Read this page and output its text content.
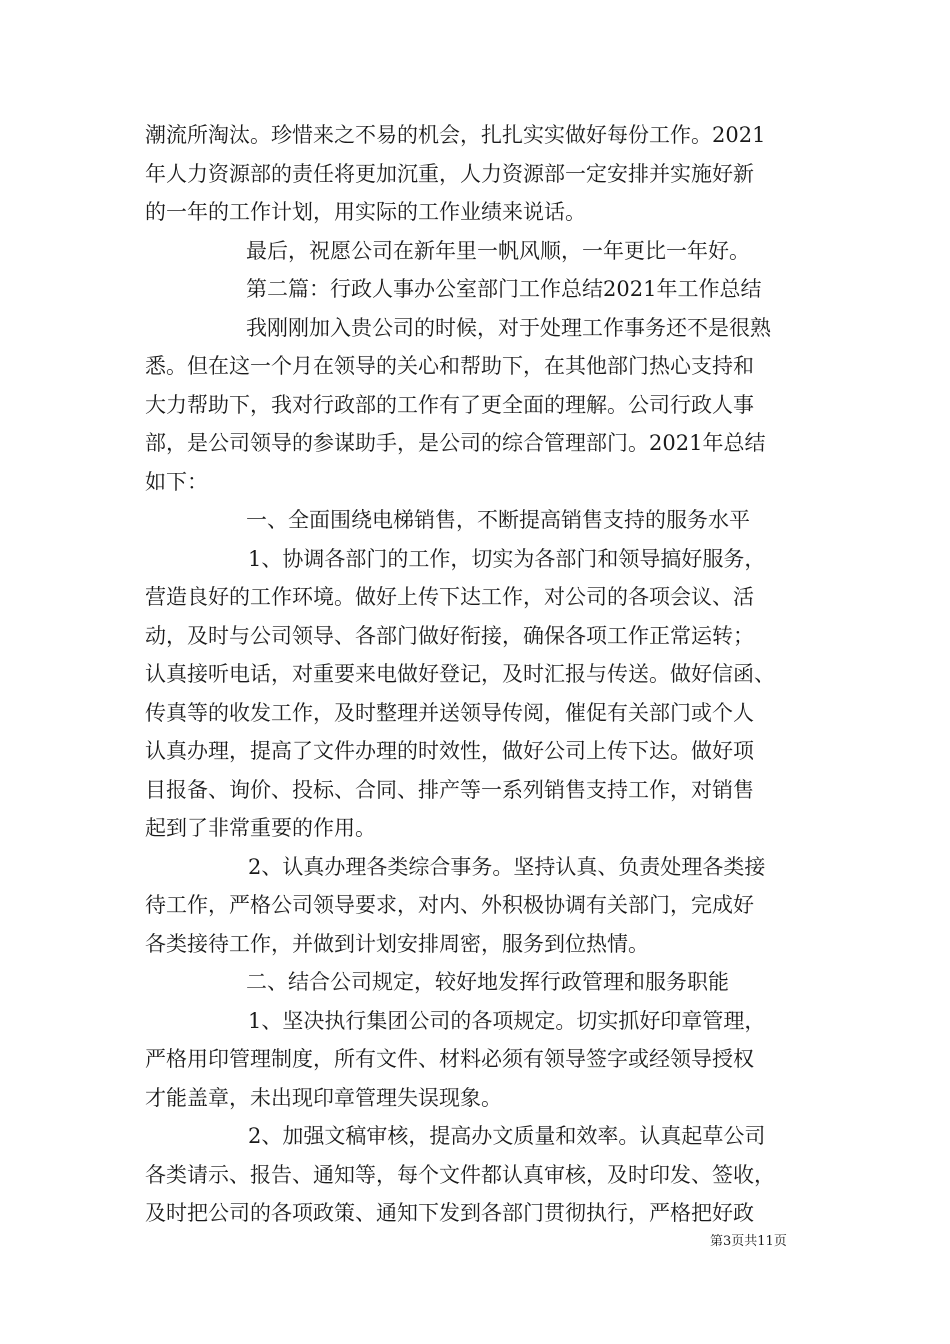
潮流所淘汰。珍惜来之不易的机会，扎扎实实做好每份工作。2021
年人力资源部的责任将更加沉重，人力资源部一定安排并实施好新
的一年的工作计划，用实际的工作业绩来说话。
最后，祝愿公司在新年里一帆风顺，一年更比一年好。
第二篇：行政人事办公室部门工作总结2021年工作总结
我刚刚加入贵公司的时候，对于处理工作事务还不是很熟
悉。但在这一个月在领导的关心和帮助下，在其他部门热心支持和
大力帮助下，我对行政部的工作有了更全面的理解。公司行政人事
部，是公司领导的参谋助手，是公司的综合管理部门。2021年总结
如下：
一、全面围绕电梯销售，不断提高销售支持的服务水平
1、协调各部门的工作，切实为各部门和领导搞好服务，
营造良好的工作环境。做好上传下达工作，对公司的各项会议、活
动，及时与公司领导、各部门做好衔接，确保各项工作正常运转；
认真接听电话，对重要来电做好登记，及时汇报与传送。做好信函、
传真等的收发工作，及时整理并送领导传阅，催促有关部门或个人
认真办理，提高了文件办理的时效性，做好公司上传下达。做好项
目报备、询价、投标、合同、排产等一系列销售支持工作，对销售
起到了非常重要的作用。
2、认真办理各类综合事务。坚持认真、负责处理各类接
待工作，严格公司领导要求，对内、外积极协调有关部门，完成好
各类接待工作，并做到计划安排周密，服务到位热情。
二、结合公司规定，较好地发挥行政管理和服务职能
1、坚决执行集团公司的各项规定。切实抓好印章管理，
严格用印管理制度，所有文件、材料必须有领导签字或经领导授权
才能盖章，未出现印章管理失误现象。
2、加强文稿审核，提高办文质量和效率。认真起草公司
各类请示、报告、通知等，每个文件都认真审核，及时印发、签收，
及时把公司的各项政策、通知下发到各部门贯彻执行，严格把好政
第3页共11页
